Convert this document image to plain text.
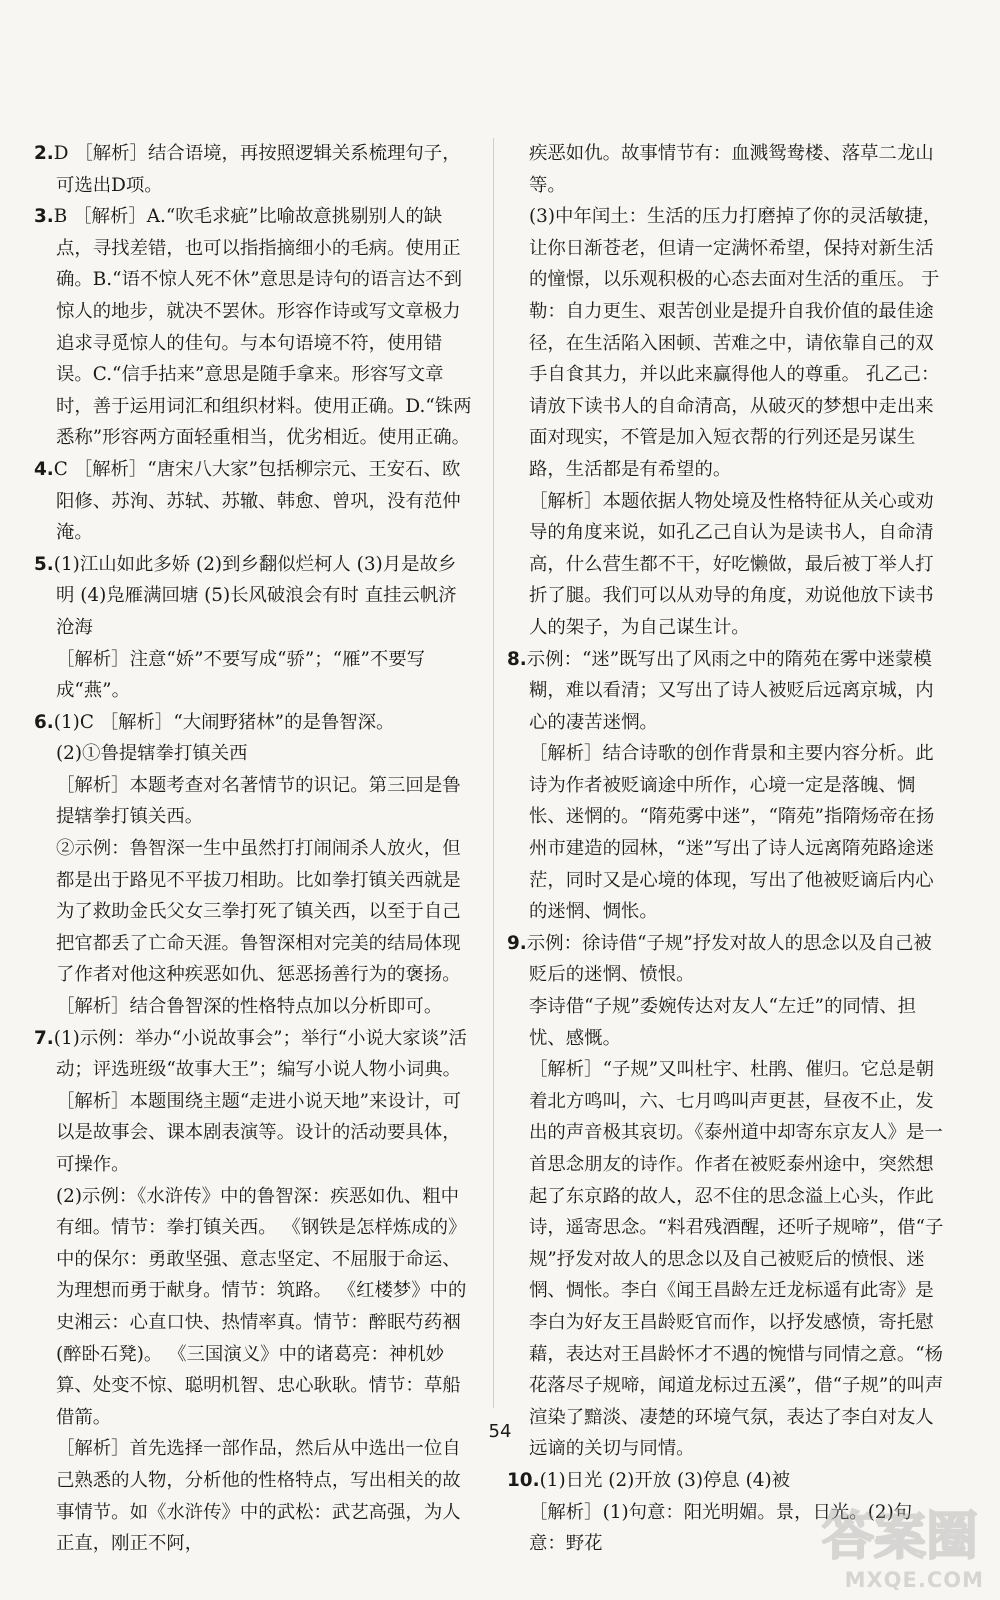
2.D ［解析］结合语境，再按照逻辑关系梳理句子，可选出D项。

3.B ［解析］A.“吹毛求疵”比喻故意挑剔别人的缺点，寻找差错，也可以指指摘细小的毛病。使用正确。B.“语不惊人死不休”意思是诗句的语言达不到惊人的地步，就决不罢休。形容作诗或写文章极力追求寻觅惊人的佳句。与本句语境不符，使用错误。C.“信手拈来”意思是随手拿来。形容写文章时，善于运用词汇和组织材料。使用正确。D.“铢两悉称”形容两方面轻重相当，优劣相近。使用正确。

4.C ［解析］“唐宋八大家”包括柳宗元、王安石、欧阳修、苏洵、苏轼、苏辙、韩愈、曾巩，没有范仲淹。

5.(1)江山如此多娇 (2)到乡翻似烂柯人 (3)月是故乡明 (4)凫雁满回塘 (5)长风破浪会有时 直挂云帆济沧海

［解析］注意“娇”不要写成“骄”；“雁”不要写成“燕”。

6.(1)C ［解析］“大闹野猪林”的是鲁智深。

(2)①鲁提辖拳打镇关西

［解析］本题考查对名著情节的识记。第三回是鲁提辖拳打镇关西。

②示例：鲁智深一生中虽然打打闹闹杀人放火，但都是出于路见不平拔刀相助。比如拳打镇关西就是为了救助金氏父女三拳打死了镇关西，以至于自己把官都丢了亡命天涯。鲁智深相对完美的结局体现了作者对他这种疾恶如仇、惩恶扬善行为的褒扬。

［解析］结合鲁智深的性格特点加以分析即可。

7.(1)示例：举办“小说故事会”；举行“小说大家谈”活动；评选班级“故事大王”；编写小说人物小词典。

［解析］本题围绕主题“走进小说天地”来设计，可以是故事会、课本剧表演等。设计的活动要具体，可操作。

(2)示例：《水浒传》中的鲁智深：疾恶如仇、粗中有细。情节：拳打镇关西。 《钢铁是怎样炼成的》中的保尔：勇敢坚强、意志坚定、不屈服于命运、为理想而勇于献身。情节：筑路。 《红楼梦》中的史湘云：心直口快、热情率真。情节：醉眠芍药裀(醉卧石凳)。 《三国演义》中的诸葛亮：神机妙算、处变不惊、聪明机智、忠心耿耿。情节：草船借箭。

［解析］首先选择一部作品，然后从中选出一位自己熟悉的人物，分析他的性格特点，写出相关的故事情节。如《水浒传》中的武松：武艺高强，为人正直，刚正不阿，

疾恶如仇。故事情节有：血溅鸳鸯楼、落草二龙山等。

(3)中年闰土：生活的压力打磨掉了你的灵活敏捷，让你日渐苍老，但请一定满怀希望，保持对新生活的憧憬，以乐观积极的心态去面对生活的重压。 于勒：自力更生、艰苦创业是提升自我价值的最佳途径，在生活陷入困顿、苦难之中，请依靠自己的双手自食其力，并以此来赢得他人的尊重。 孔乙己：请放下读书人的自命清高，从破灭的梦想中走出来面对现实，不管是加入短衣帮的行列还是另谋生路，生活都是有希望的。

［解析］本题依据人物处境及性格特征从关心或劝导的角度来说，如孔乙己自认为是读书人，自命清高，什么营生都不干，好吃懒做，最后被丁举人打折了腿。我们可以从劝导的角度，劝说他放下读书人的架子，为自己谋生计。

8.示例：“迷”既写出了风雨之中的隋苑在雾中迷蒙模糊，难以看清；又写出了诗人被贬后远离京城，内心的凄苦迷惘。

［解析］结合诗歌的创作背景和主要内容分析。此诗为作者被贬谪途中所作，心境一定是落魄、惆怅、迷惘的。“隋苑雾中迷”，“隋苑”指隋炀帝在扬州市建造的园林，“迷”写出了诗人远离隋苑路途迷茫，同时又是心境的体现，写出了他被贬谪后内心的迷惘、惆怅。

9.示例：徐诗借“子规”抒发对故人的思念以及自己被贬后的迷惘、愤恨。

李诗借“子规”委婉传达对友人“左迁”的同情、担忧、感慨。

［解析］“子规”又叫杜宇、杜鹃、催归。它总是朝着北方鸣叫，六、七月鸣叫声更甚，昼夜不止，发出的声音极其哀切。《泰州道中却寄东京友人》是一首思念朋友的诗作。作者在被贬泰州途中，突然想起了东京路的故人，忍不住的思念溢上心头，作此诗，遥寄思念。“料君残酒醒，还听子规啼”，借“子规”抒发对故人的思念以及自己被贬后的愤恨、迷惘、惆怅。李白《闻王昌龄左迁龙标遥有此寄》是李白为好友王昌龄贬官而作，以抒发感愤，寄托慰藉，表达对王昌龄怀才不遇的惋惜与同情之意。“杨花落尽子规啼，闻道龙标过五溪”，借“子规”的叫声渲染了黯淡、凄楚的环境气氛，表达了李白对友人远谪的关切与同情。

10.(1)日光 (2)开放 (3)停息 (4)被

［解析］(1)句意：阳光明媚。景，日光。(2)句意：野花

54
答案圈
MXQE.COM
